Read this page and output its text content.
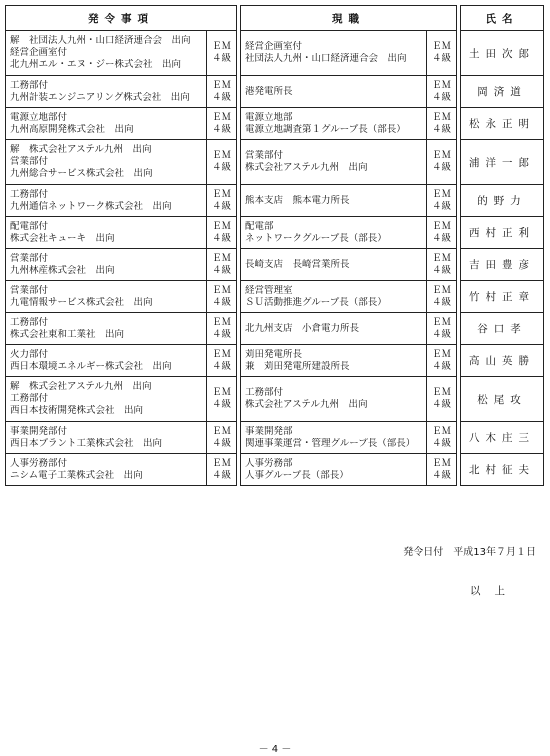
発令事項			現職			氏名

解　社団法人九州・山口経済連合会　出向
経営企画室付
北九州エル・エヌ・ジー株式会社　出向	ＥＭ
４級		経営企画室付
社団法人九州・山口経済連合会　出向	ＥＭ
４級		土田次郎

工務部付
九州計装エンジニアリング株式会社　出向	ＥＭ
４級		港発電所長	ＥＭ
４級		岡済道

電源立地部付
九州高原開発株式会社　出向	ＥＭ
４級		電源立地部
電源立地調査第１グループ長（部長）	ＥＭ
４級		松永正明

解　株式会社アステル九州　出向
営業部付
九州総合サービス株式会社　出向	ＥＭ
４級		営業部付
株式会社アステル九州　出向	ＥＭ
４級		浦洋一郎

工務部付
九州通信ネットワーク株式会社　出向	ＥＭ
４級		熊本支店　熊本電力所長	ＥＭ
４級		的野力

配電部付
株式会社キューキ　出向	ＥＭ
４級		配電部
ネットワークグループ長（部長）	ＥＭ
４級		西村正利

営業部付
九州林産株式会社　出向	ＥＭ
４級		長崎支店　長崎営業所長	ＥＭ
４級		吉田豊彦

営業部付
九電情報サービス株式会社　出向	ＥＭ
４級		経営管理室
ＳＵ活動推進グループ長（部長）	ＥＭ
４級		竹村正章

工務部付
株式会社東和工業社　出向	ＥＭ
４級		北九州支店　小倉電力所長	ＥＭ
４級		谷口孝

火力部付
西日本環境エネルギー株式会社　出向	ＥＭ
４級		苅田発電所長
兼　苅田発電所建設所長	ＥＭ
４級		高山英勝

解　株式会社アステル九州　出向
工務部付
西日本技術開発株式会社　出向	ＥＭ
４級		工務部付
株式会社アステル九州　出向	ＥＭ
４級		松尾攻

事業開発部付
西日本プラント工業株式会社　出向	ＥＭ
４級		事業開発部
関連事業運営・管理グループ長（部長）	ＥＭ
４級		八木庄三

人事労務部付
ニシム電子工業株式会社　出向	ＥＭ
４級		人事労務部
人事グループ長（部長）	ＥＭ
４級		北村征夫
発令日付　平成13年７月１日
以上
－ 4 －
